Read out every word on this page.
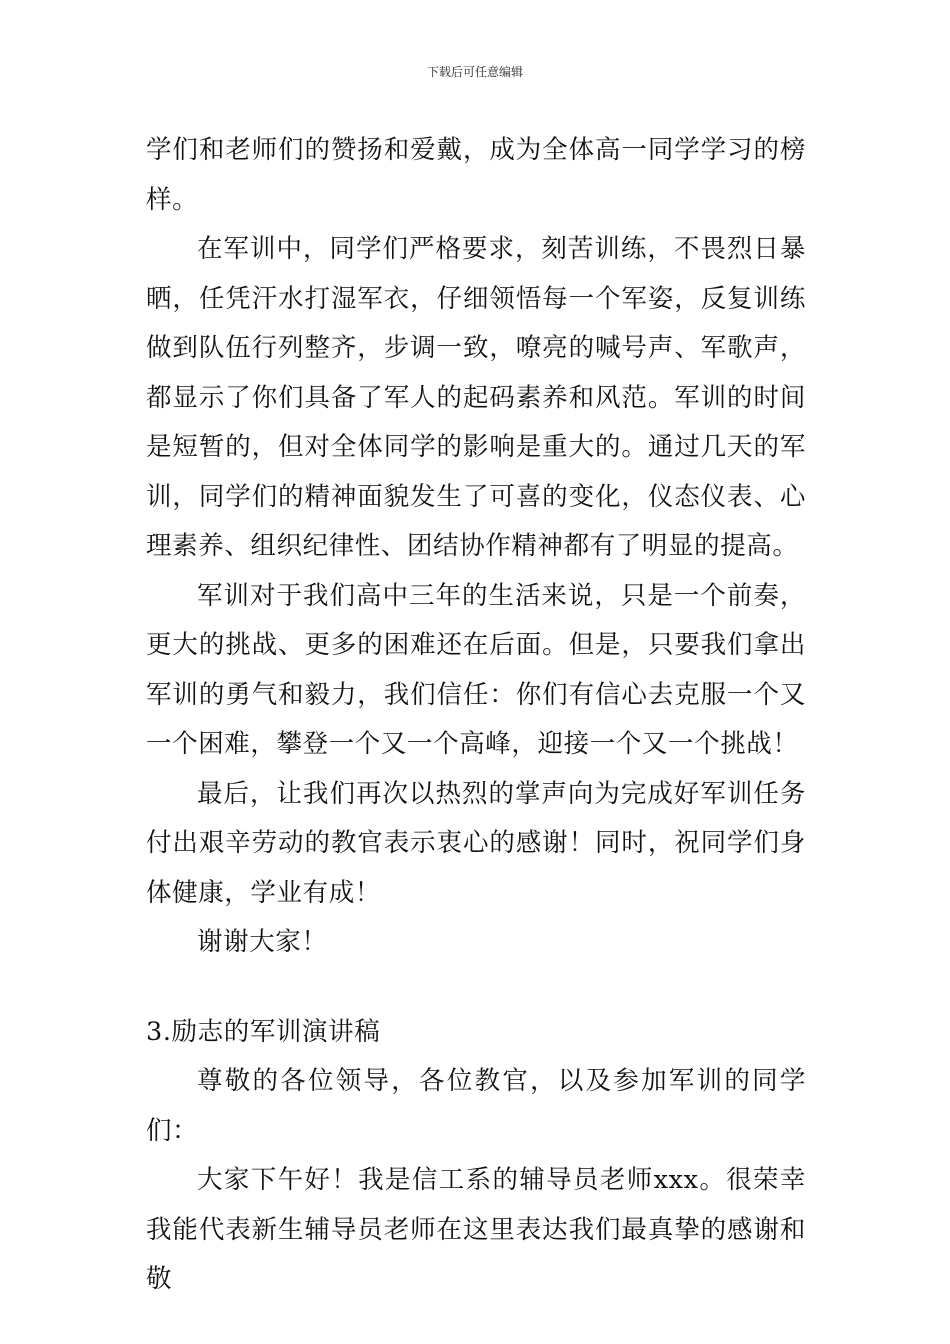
下载后可任意编辑

学们和老师们的赞扬和爱戴，成为全体高一同学学习的榜样。

在军训中，同学们严格要求，刻苦训练，不畏烈日暴晒，任凭汗水打湿军衣，仔细领悟每一个军姿，反复训练做到队伍行列整齐，步调一致，嘹亮的喊号声、军歌声，都显示了你们具备了军人的起码素养和风范。军训的时间是短暂的，但对全体同学的影响是重大的。通过几天的军训，同学们的精神面貌发生了可喜的变化，仪态仪表、心理素养、组织纪律性、团结协作精神都有了明显的提高。

军训对于我们高中三年的生活来说，只是一个前奏，更大的挑战、更多的困难还在后面。但是，只要我们拿出军训的勇气和毅力，我们信任：你们有信心去克服一个又一个困难，攀登一个又一个高峰，迎接一个又一个挑战！

最后，让我们再次以热烈的掌声向为完成好军训任务付出艰辛劳动的教官表示衷心的感谢！同时，祝同学们身体健康，学业有成！

谢谢大家！

3.励志的军训演讲稿

尊敬的各位领导，各位教官，以及参加军训的同学们：

大家下午好！我是信工系的辅导员老师xxx。很荣幸我能代表新生辅导员老师在这里表达我们最真挚的感谢和敬
